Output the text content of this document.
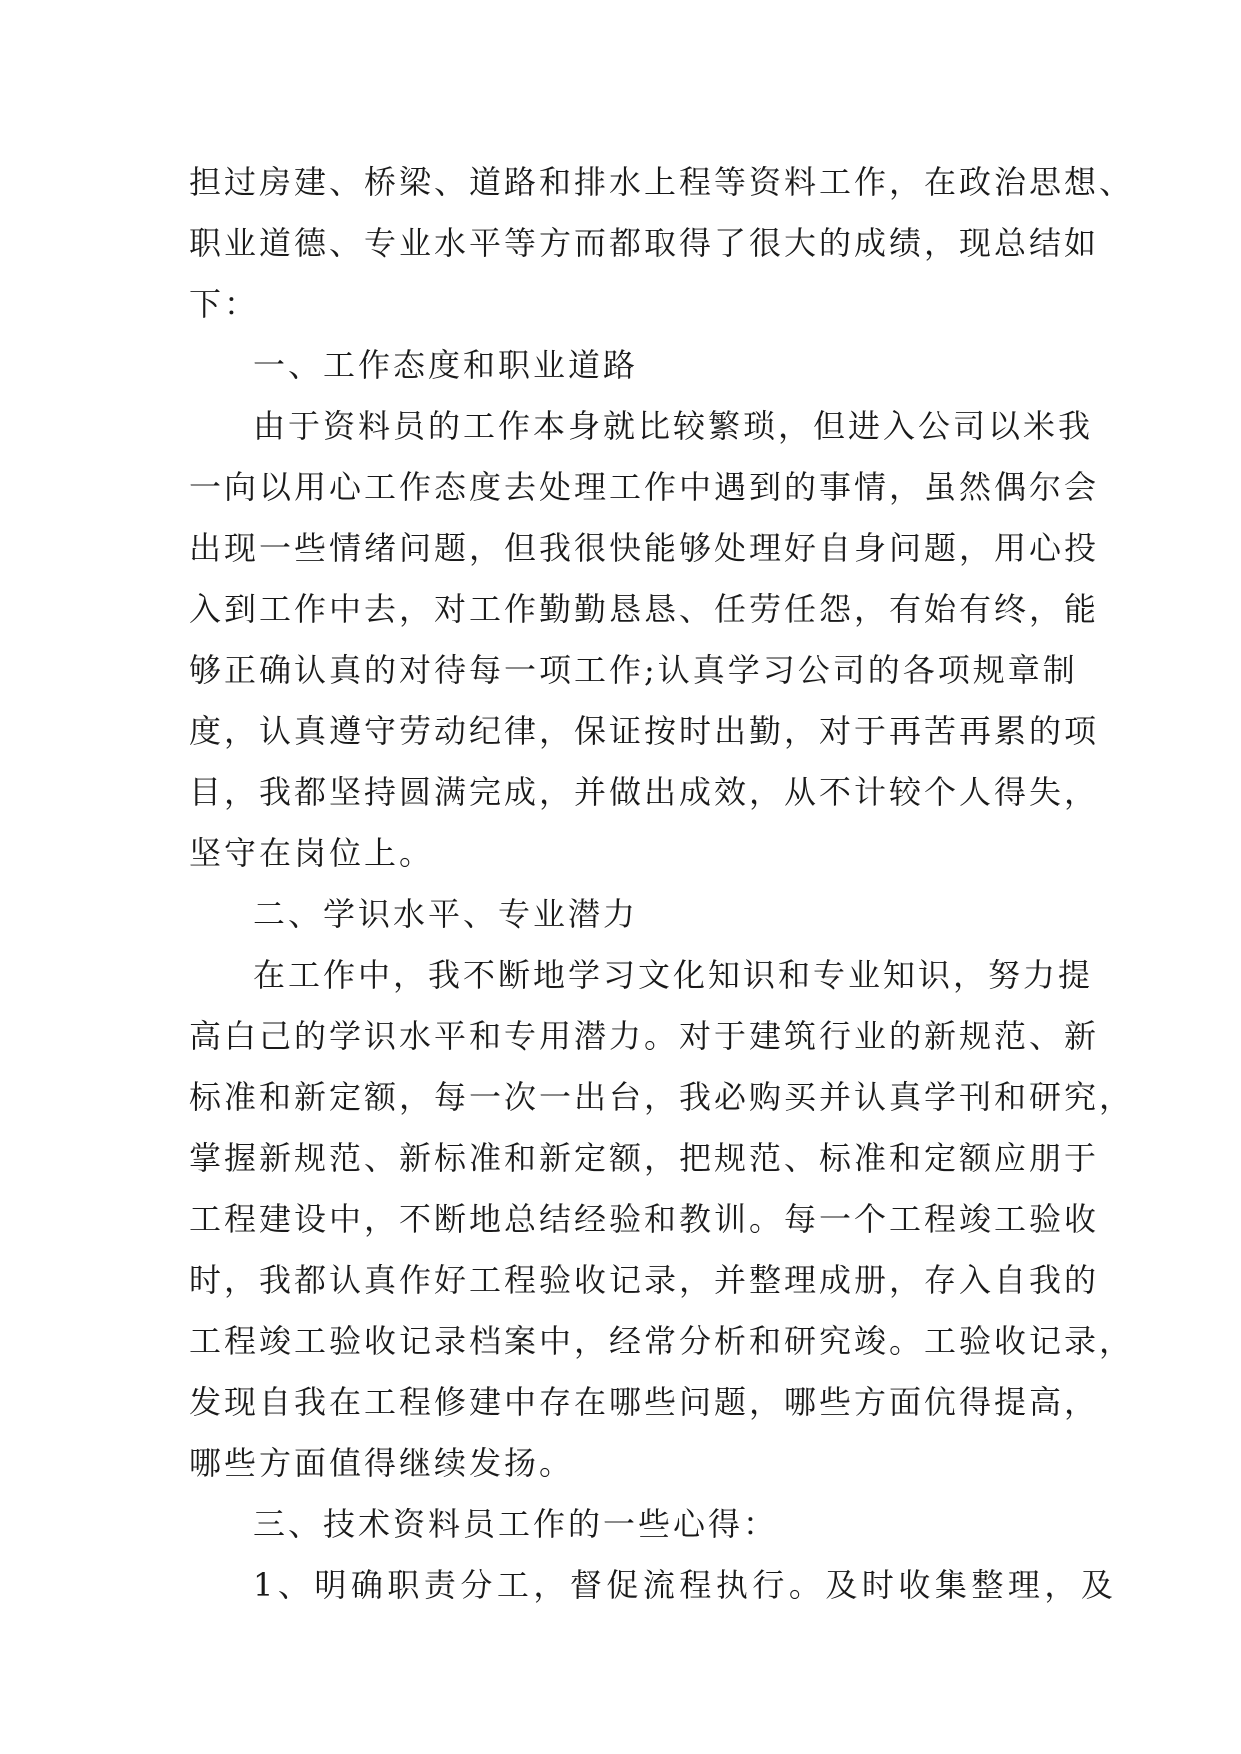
担过房建、桥梁、道路和排水上程等资料工作，在政治思想、
职业道德、专业水平等方而都取得了很大的成绩，现总结如
下：
一、工作态度和职业道路
由于资料员的工作本身就比较繁琐，但进入公司以米我
一向以用心工作态度去处理工作中遇到的事情，虽然偶尔会
出现一些情绪问题，但我很快能够处理好自身问题，用心投
入到工作中去，对工作勤勤恳恳、任劳任怨，有始有终，能
够正确认真的对待每一项工作;认真学习公司的各项规章制
度，认真遵守劳动纪律，保证按时出勤，对于再苦再累的项
目，我都坚持圆满完成，并做出成效，从不计较个人得失，
坚守在岗位上。
二、学识水平、专业潜力
在工作中，我不断地学习文化知识和专业知识，努力提
高白己的学识水平和专用潜力。对于建筑行业的新规范、新
标准和新定额，每一次一出台，我必购买并认真学刊和研究，
掌握新规范、新标准和新定额，把规范、标准和定额应朋于
工程建设中，不断地总结经验和教训。每一个工程竣工验收
时，我都认真作好工程验收记录，并整理成册，存入自我的
工程竣工验收记录档案中，经常分析和研究竣。工验收记录，
发现自我在工程修建中存在哪些问题，哪些方面伉得提高，
哪些方面值得继续发扬。
三、技术资料员工作的一些心得：
1、明确职责分工，督促流程执行。及时收集整理，及
